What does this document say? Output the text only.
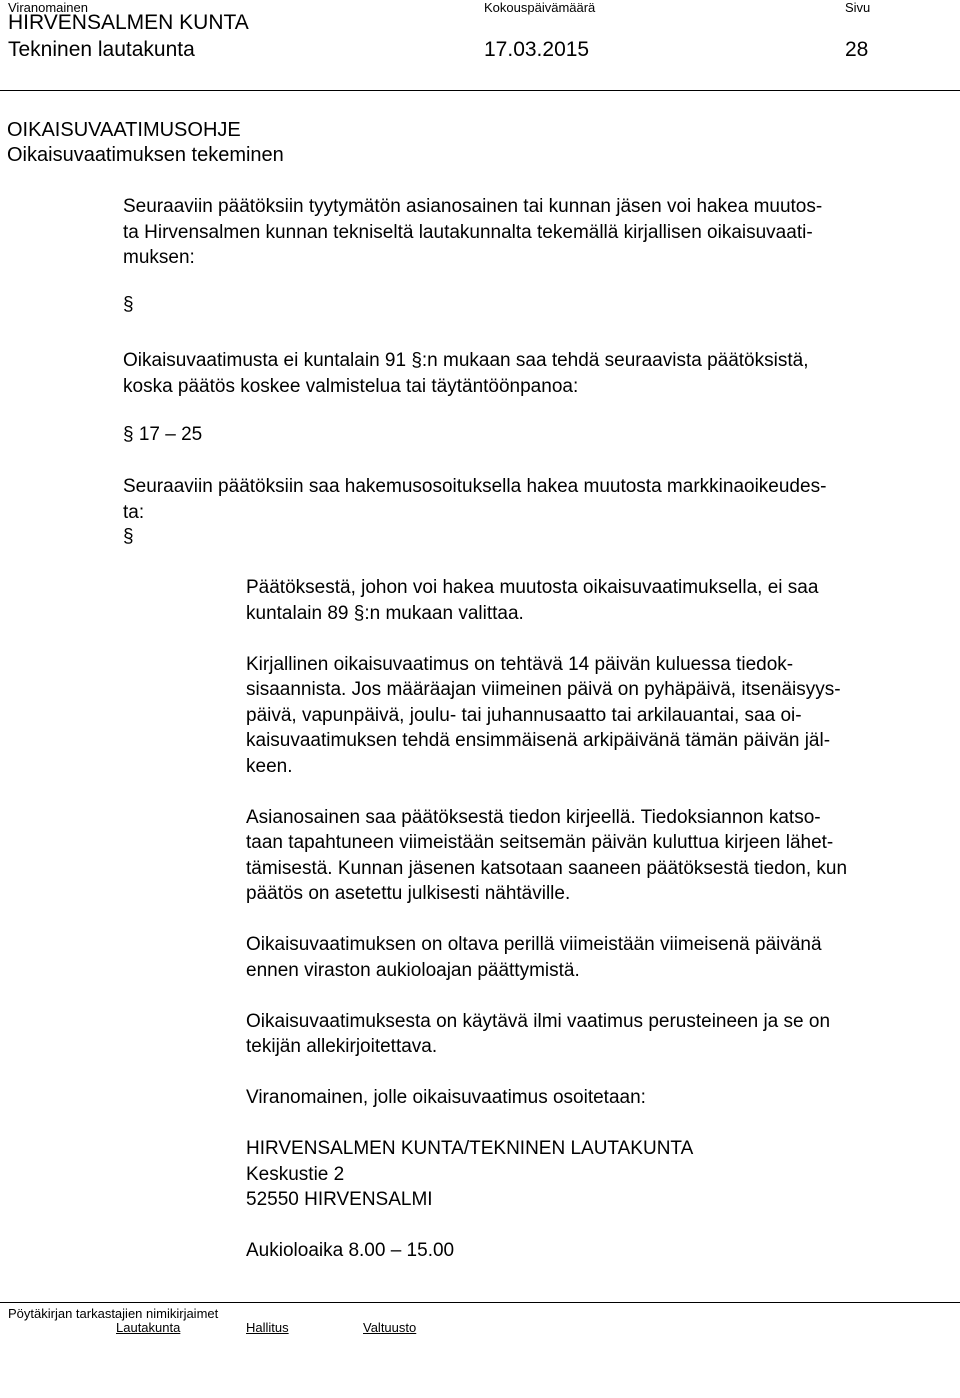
Viranomainen	Kokouspäivämäärä	Sivu
HIRVENSALMEN KUNTA
Tekninen lautakunta	17.03.2015	28
OIKAISUVAATIMUSOHJE
Oikaisuvaatimuksen tekeminen
Seuraaviin päätöksiin tyytymätön asianosainen tai kunnan jäsen voi hakea muutos-
ta Hirvensalmen kunnan tekniseltä lautakunnalta tekemällä kirjallisen oikaisuvaati-
muksen:
§
Oikaisuvaatimusta ei kuntalain 91 §:n mukaan saa tehdä seuraavista päätöksistä,
koska päätös koskee valmistelua tai täytäntöönpanoa:
§ 17 – 25
Seuraaviin päätöksiin saa hakemusosoituksella hakea muutosta markkinaoikeudes-
ta:
§
Päätöksestä, johon voi hakea muutosta oikaisuvaatimuksella, ei saa
kuntalain 89 §:n mukaan valittaa.
Kirjallinen oikaisuvaatimus on tehtävä 14 päivän kuluessa tiedok-
sisaannista. Jos määräajan viimeinen päivä on pyhäpäivä, itsenäisyys-
päivä, vapunpäivä, joulu- tai juhannusaatto tai arkilauantai, saa oi-
kaisuvaatimuksen tehdä ensimmäisenä arkipäivänä tämän päivän jäl-
keen.
Asianosainen saa päätöksestä tiedon kirjeellä. Tiedoksiannon katso-
taan tapahtuneen viimeistään seitsemän päivän kuluttua kirjeen lähet-
tämisestä. Kunnan jäsenen katsotaan saaneen päätöksestä tiedon, kun
päätös on asetettu julkisesti nähtäville.
Oikaisuvaatimuksen on oltava perillä viimeistään viimeisenä päivänä
ennen viraston aukioloajan päättymistä.
Oikaisuvaatimuksesta on käytävä ilmi vaatimus perusteineen ja se on
tekijän allekirjoitettava.
Viranomainen, jolle oikaisuvaatimus osoitetaan:
HIRVENSALMEN KUNTA/TEKNINEN LAUTAKUNTA
Keskustie 2
52550 HIRVENSALMI
Aukioloaika 8.00 – 15.00
Pöytäkirjan tarkastajien nimikirjaimet
Lautakunta	Hallitus	Valtuusto
